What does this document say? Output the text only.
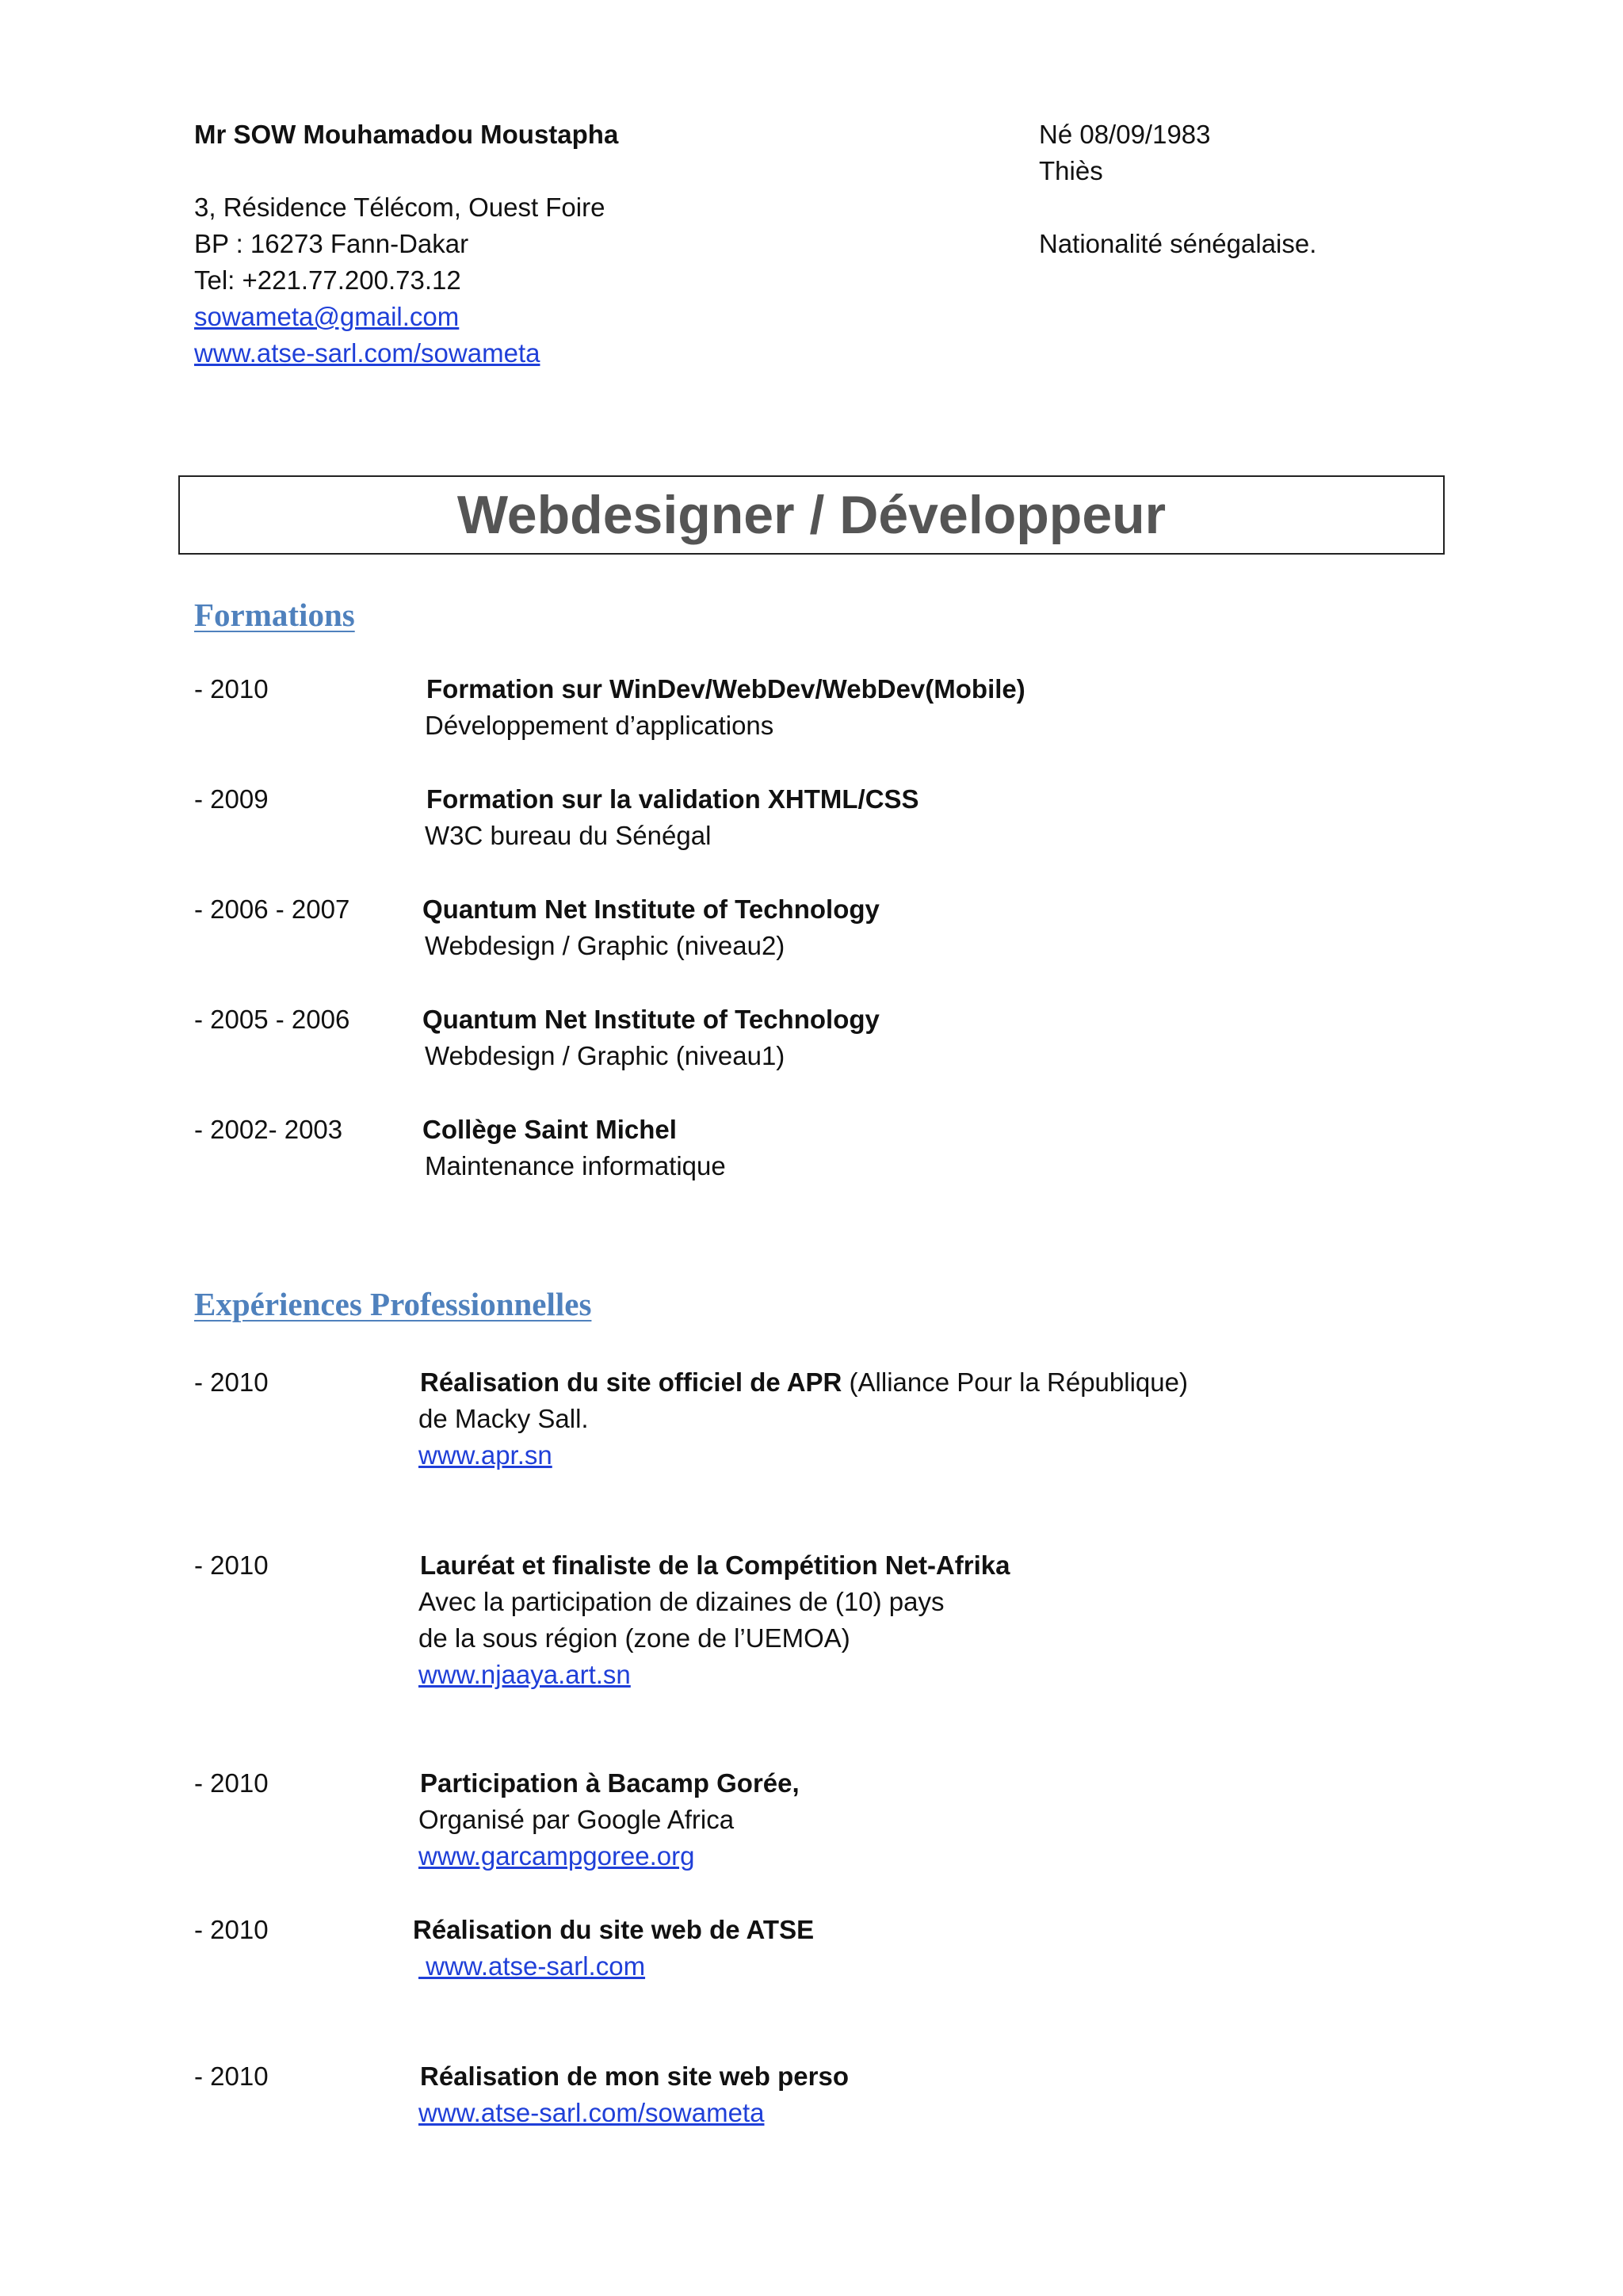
Mr SOW Mouhamadou Moustapha
3, Résidence Télécom, Ouest Foire
BP : 16273 Fann-Dakar
Tel: +221.77.200.73.12
sowameta@gmail.com
www.atse-sarl.com/sowameta
Né 08/09/1983
Thiès
Nationalité sénégalaise.
Webdesigner / Développeur
Formations
- 2010	Formation sur WinDev/WebDev/WebDev(Mobile)
Développement d’applications
- 2009	Formation sur la validation XHTML/CSS
W3C bureau du Sénégal
- 2006 - 2007	Quantum Net Institute of Technology
Webdesign / Graphic (niveau2)
- 2005 - 2006	Quantum Net Institute of Technology
Webdesign / Graphic (niveau1)
- 2002- 2003	Collège Saint Michel
Maintenance informatique
Expériences Professionnelles
- 2010	Réalisation du site officiel de APR (Alliance Pour la République)
de Macky Sall.
www.apr.sn
- 2010	Lauréat et finaliste de la Compétition Net-Afrika
Avec la participation de dizaines de (10) pays
de la sous région (zone de l’UEMOA)
www.njaaya.art.sn
- 2010	Participation à Bacamp Gorée,
Organisé par Google Africa
www.garcampgoree.org
- 2010	Réalisation du site web de ATSE
www.atse-sarl.com
- 2010	Réalisation de mon site web perso
www.atse-sarl.com/sowameta
